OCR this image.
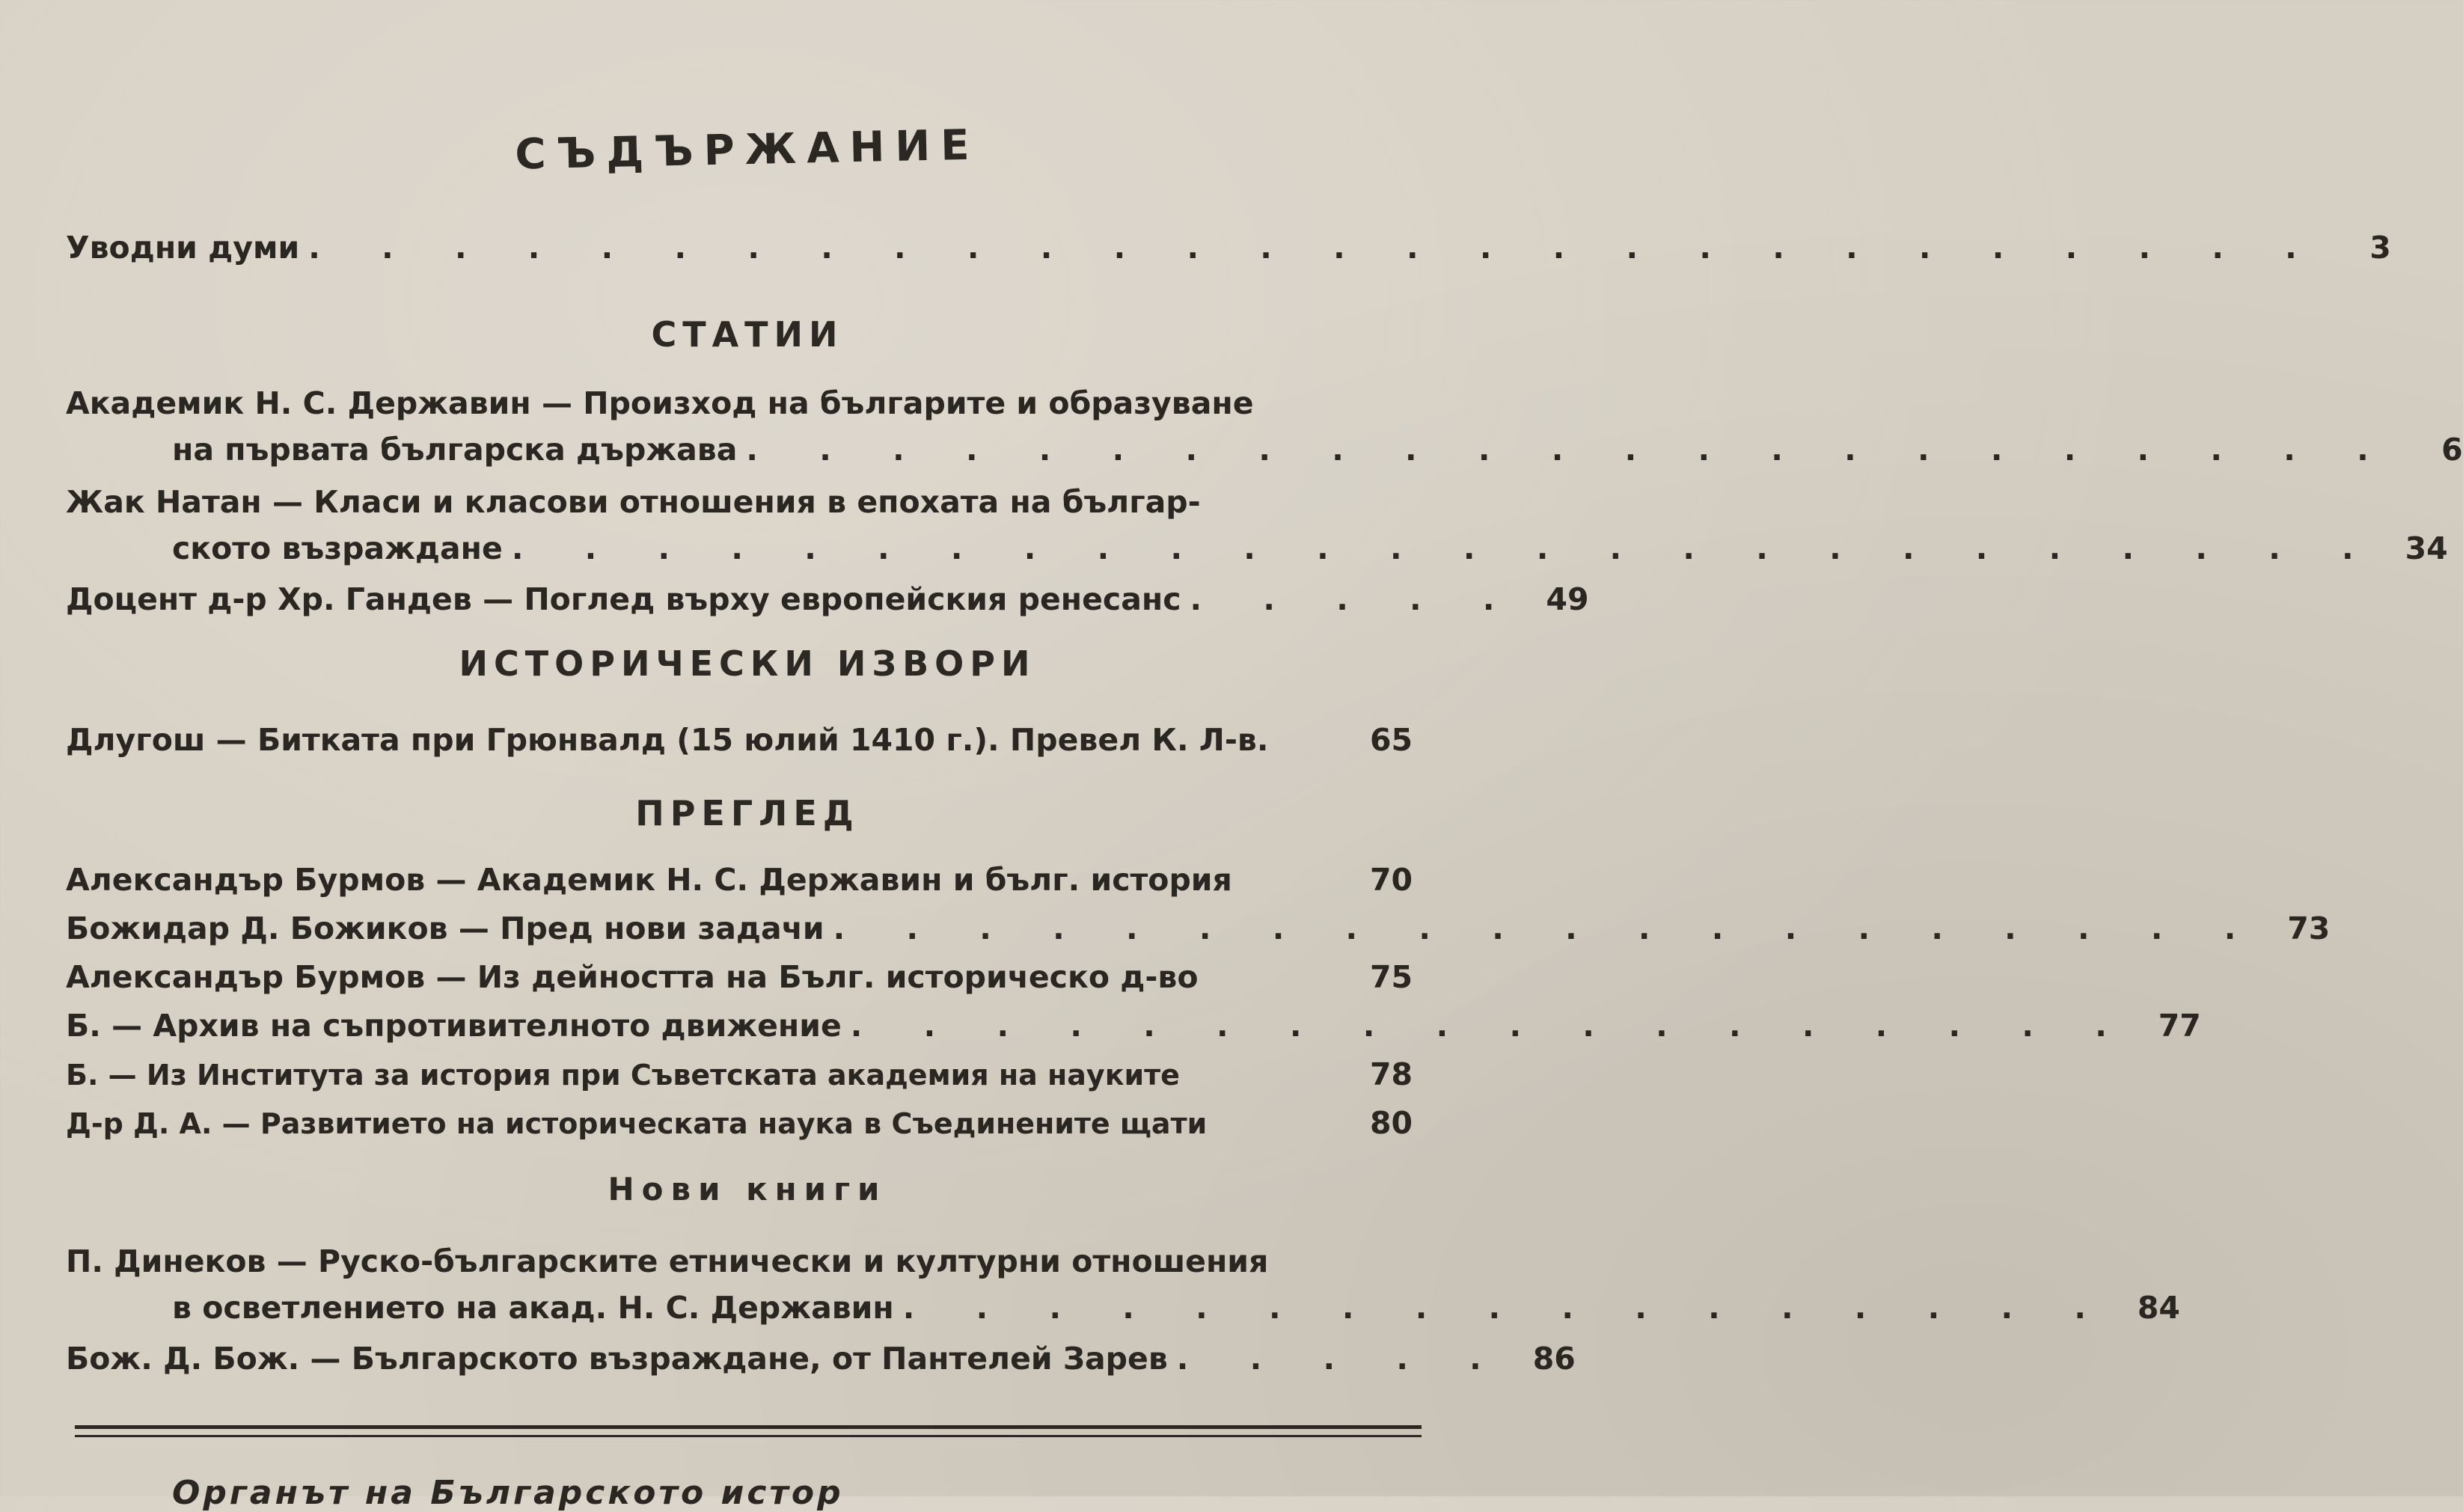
СЪДЪРЖАНИЕ
Уводни думи . . . . . . . . . . . . . . . . . . . . . . . . . . . .	3
СТАТИИ
Академик Н. С. Державин — Произход на българите и образуване
на първата българска държава . . . . . . . . . . . . . . . . . . . . . . .	6
Жак Натан — Класи и класови отношения в епохата на българ-
ското възраждане . . . . . . . . . . . . . . . . . . . . . . . . . . 34
Доцент д-р Хр. Гандев — Поглед върху европейския ренесанс . . . . . 49
ИСТОРИЧЕСКИ ИЗВОРИ
Длугош — Битката при Грюнвалд (15 юлий 1410 г.). Превел К. Л-в.	65
ПРЕГЛЕД
Александър Бурмов — Академик Н. С. Державин и бълг. история	70
Божидар Д. Божиков — Пред нови задачи . . . . . . . . . . . . . . . . . . . . 73
Александър Бурмов — Из дейността на Бълг. историческо д-во	75
Б. — Архив на съпротивителното движение . . . . . . . . . . . . . . . . . . 77
Б. — Из Института за история при Съветската академия на науките	78
Д-р Д. А. — Развитието на историческата наука в Съединените щати	80
Нови книги
П. Динеков — Руско-българските етнически и културни отношения
в осветлението на акад. Н. С. Державин . . . . . . . . . . . . . . . . . 84
Бож. Д. Бож. — Българското възраждане, от Пантелей Зарев . . . . . 86
Органът на Българското истор
